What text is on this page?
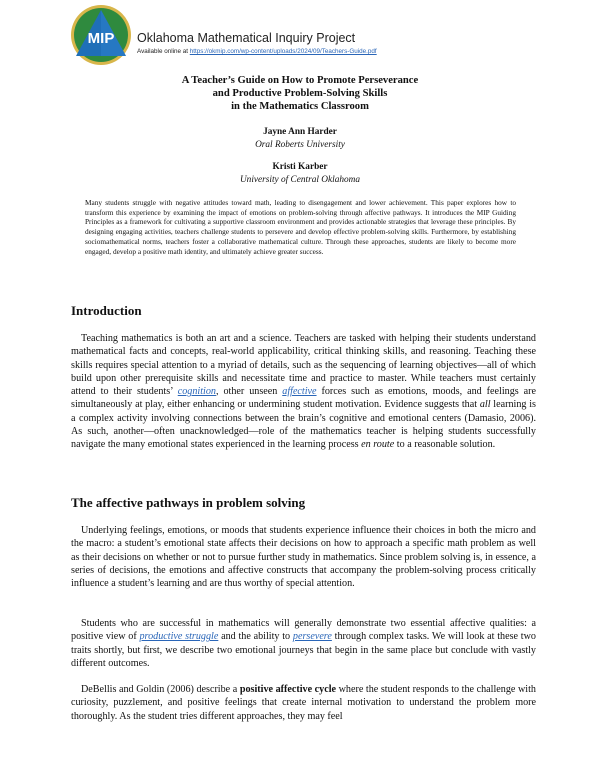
MIP	Oklahoma Mathematical Inquiry Project
Available online at https://okmip.com/wp-content/uploads/2024/09/Teachers-Guide.pdf
A Teacher’s Guide on How to Promote Perseverance
and Productive Problem-Solving Skills
in the Mathematics Classroom
Jayne Ann Harder
Oral Roberts University
Kristi Karber
University of Central Oklahoma
Many students struggle with negative attitudes toward math, leading to disengagement and lower achievement. This paper explores how to transform this experience by examining the impact of emotions on problem-solving through affective pathways. It introduces the MIP Guiding Principles as a framework for cultivating a supportive classroom environment and provides actionable strategies that leverage these principles. By designing engaging activities, teachers challenge students to persevere and develop effective problem-solving skills. Furthermore, by establishing sociomathematical norms, teachers foster a collaborative mathematical culture. Through these approaches, students are likely to become more engaged, develop a positive math identity, and ultimately achieve greater success.
Introduction
Teaching mathematics is both an art and a science. Teachers are tasked with helping their students understand mathematical facts and concepts, real-world applicability, critical thinking skills, and reasoning. Teaching these skills requires special attention to a myriad of details, such as the sequencing of learning objectives—all of which build upon other prerequisite skills and necessitate time and practice to master. While teachers must certainly attend to their students’ cognition, other unseen affective forces such as emotions, moods, and feelings are simultaneously at play, either enhancing or undermining student motivation. Evidence suggests that all learning is a complex activity involving connections between the brain’s cognitive and emotional centers (Damasio, 2006). As such, another—often unacknowledged—role of the mathematics teacher is helping students successfully navigate the many emotional states experienced in the learning process en route to a reasonable solution.
The affective pathways in problem solving
Underlying feelings, emotions, or moods that students experience influence their choices in both the micro and the macro: a student’s emotional state affects their decisions on how to approach a specific math problem as well as their decisions on whether or not to pursue further study in mathematics. Since problem solving is, in essence, a series of decisions, the emotions and affective constructs that accompany the problem-solving process critically influence a student’s learning and are thus worthy of special attention.
Students who are successful in mathematics will generally demonstrate two essential affective qualities: a positive view of productive struggle and the ability to persevere through complex tasks. We will look at these two traits shortly, but first, we describe two emotional journeys that begin in the same place but conclude with vastly different outcomes.
DeBellis and Goldin (2006) describe a positive affective cycle where the student responds to the challenge with curiosity, puzzlement, and positive feelings that create internal motivation to understand the problem more thoroughly. As the student tries different approaches, they may feel
